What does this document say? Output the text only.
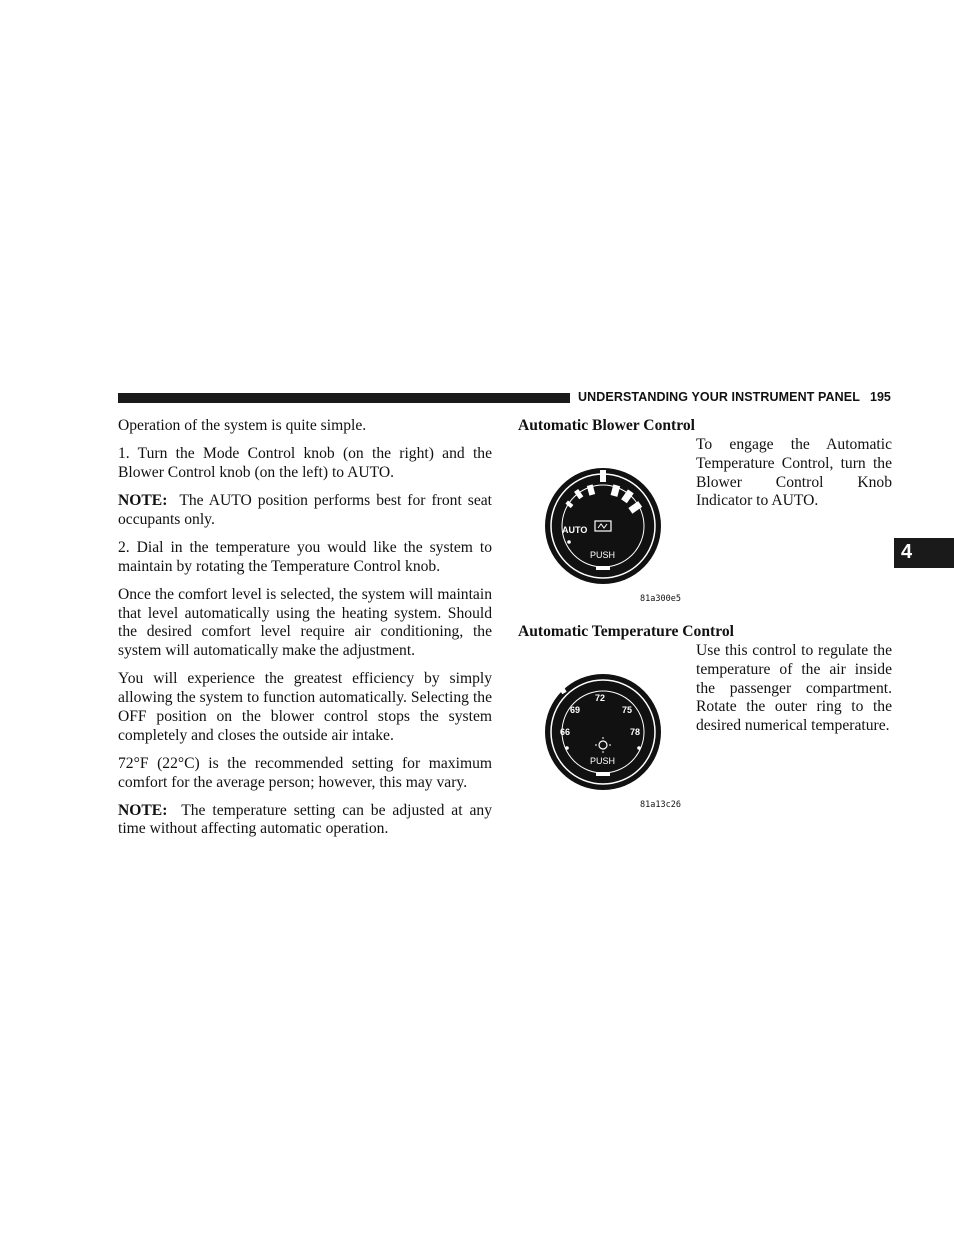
UNDERSTANDING YOUR INSTRUMENT PANEL 195
4

Operation of the system is quite simple.

1. Turn the Mode Control knob (on the right) and the Blower Control knob (on the left) to AUTO.

NOTE: The AUTO position performs best for front seat occupants only.

2. Dial in the temperature you would like the system to maintain by rotating the Temperature Control knob.

Once the comfort level is selected, the system will maintain that level automatically using the heating system. Should the desired comfort level require air conditioning, the system will automatically make the adjustment.

You will experience the greatest efficiency by simply allowing the system to function automatically. Selecting the OFF position on the blower control stops the system completely and closes the outside air intake.

72°F (22°C) is the recommended setting for maximum comfort for the average person; however, this may vary.

NOTE: The temperature setting can be adjusted at any time without affecting automatic operation.

Automatic Blower Control
To engage the Automatic Temperature Control, turn the Blower Control Knob Indicator to AUTO.
AUTO
PUSH
81a300e5
Automatic Temperature Control
Use this control to regulate the temperature of the air inside the passenger compartment. Rotate the outer ring to the desired numerical temperature.
72
69	75
66	78
PUSH
81a13c26
